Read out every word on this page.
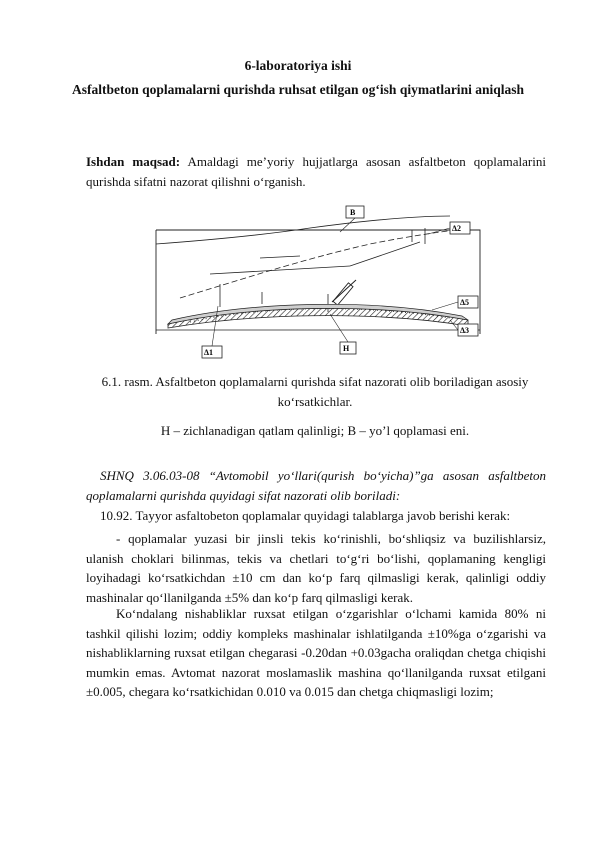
6-laboratoriya ishi
Asfaltbeton qoplamalarni qurishda ruhsat etilgan og‘ish qiymatlarini aniqlash
Ishdan maqsad: Amaldagi me’yoriy hujjatlarga asosan asfaltbeton qoplamalarini qurishda sifatni nazorat qilishni o‘rganish.
B
Δ2
Δ5
Δ3
Δ1	H
6.1. rasm. Asfaltbeton qoplamalarni qurishda sifat nazorati olib boriladigan asosiy ko‘rsatkichlar.
H – zichlanadigan qatlam qalinligi; B – yo’l qoplamasi eni.
SHNQ 3.06.03-08 “Avtomobil yo‘llari(qurish bo‘yicha)”ga asosan asfaltbeton qoplamalarni qurishda quyidagi sifat nazorati olib boriladi:
10.92. Tayyor asfaltobeton qoplamalar quyidagi talablarga javob berishi kerak:
- qoplamalar yuzasi bir jinsli tekis ko‘rinishli, bo‘shliqsiz va buzilishlarsiz, ulanish choklari bilinmas, tekis va chetlari to‘g‘ri bo‘lishi, qoplamaning kengligi loyihadagi ko‘rsatkichdan ±10 cm dan ko‘p farq qilmasligi kerak, qalinligi oddiy mashinalar qo‘llanilganda ±5% dan ko‘p farq qilmasligi kerak.
Ko‘ndalang nishabliklar ruxsat etilgan o‘zgarishlar o‘lchami kamida 80% ni tashkil qilishi lozim; oddiy kompleks mashinalar ishlatilganda ±10%ga o‘zgarishi va nishabliklarning ruxsat etilgan chegarasi -0.20dan +0.03gacha oraliqdan chetga chiqishi mumkin emas. Avtomat nazorat moslamaslik mashina qo‘llanilganda ruxsat etilgani ±0.005, chegara ko‘rsatkichidan 0.010 va 0.015 dan chetga chiqmasligi lozim;
